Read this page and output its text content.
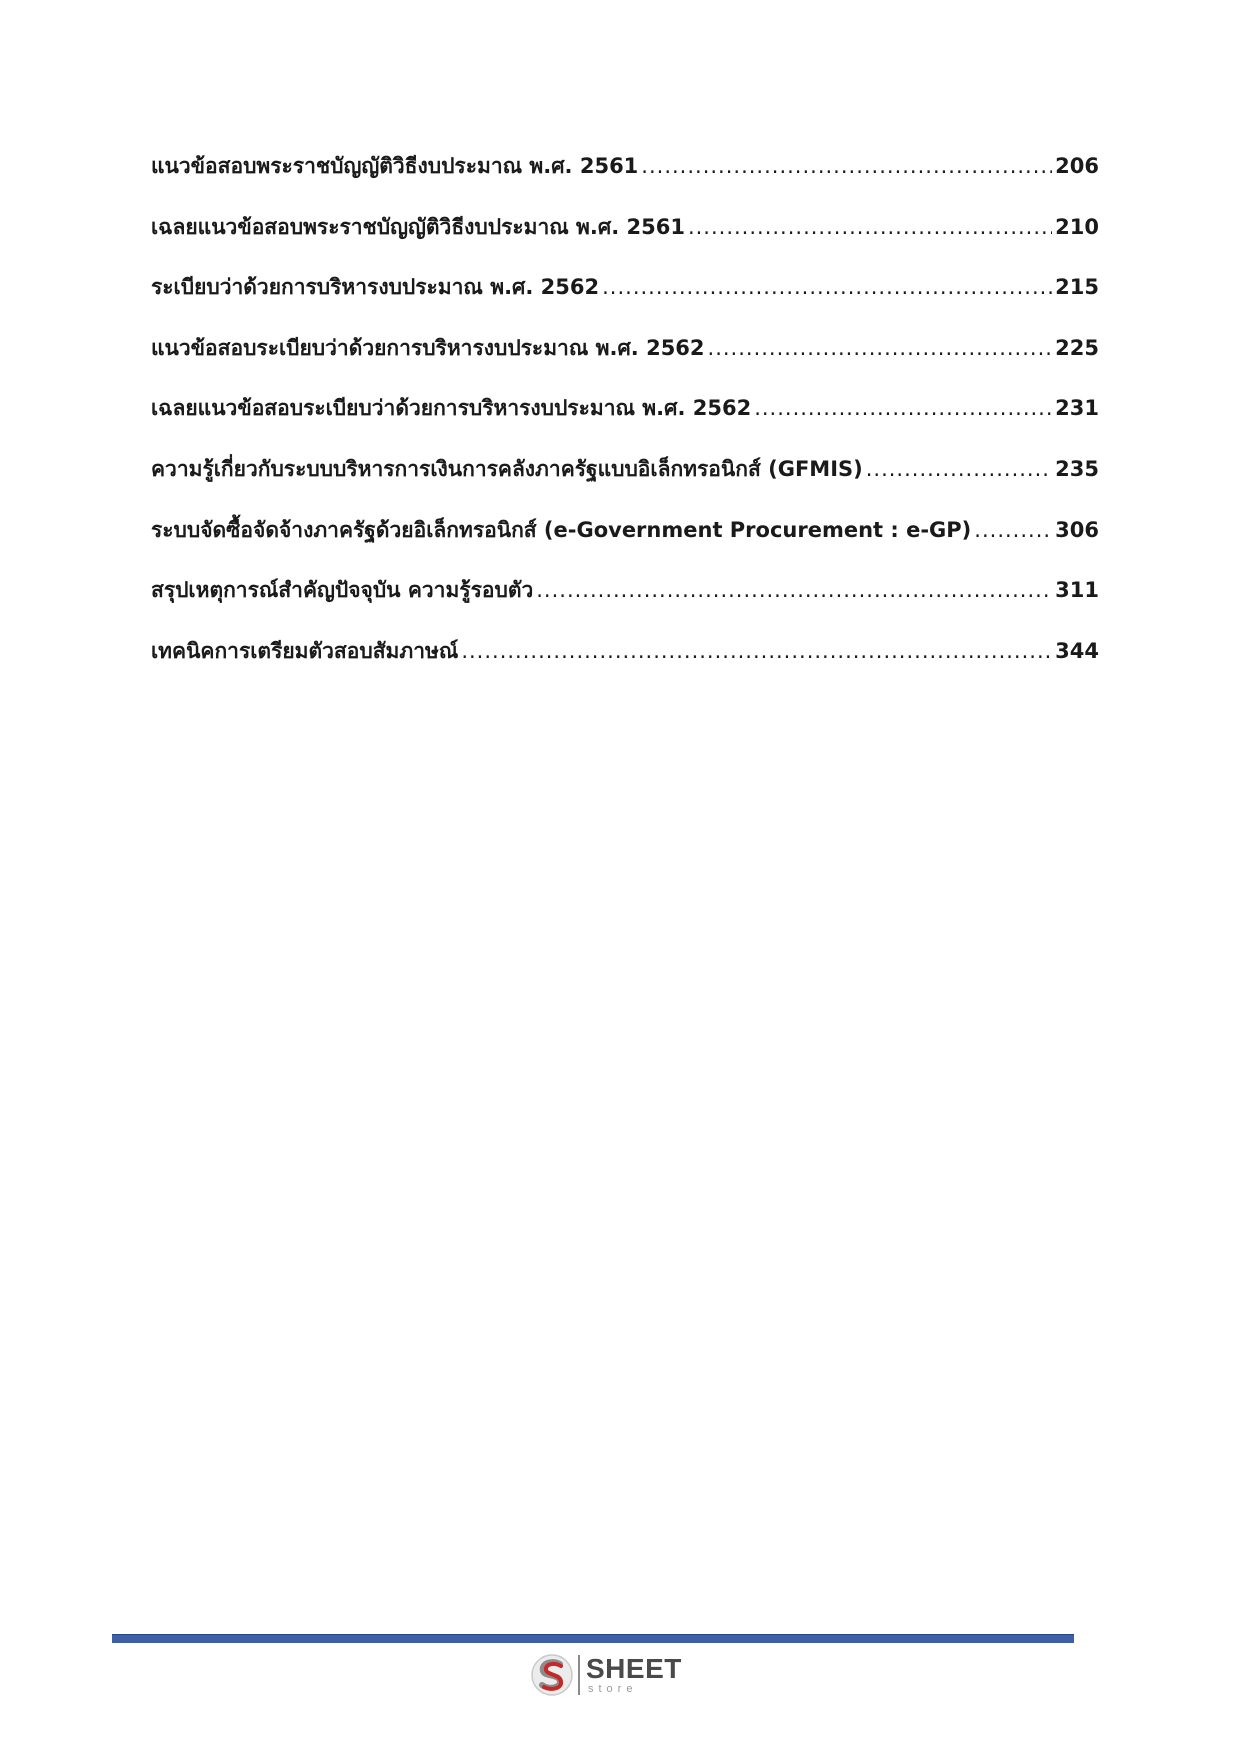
แนวข้อสอบพระราชบัญญัติวิธีงบประมาณ พ.ศ. 2561 .....	206
เฉลยแนวข้อสอบพระราชบัญญัติวิธีงบประมาณ พ.ศ. 2561 .....	210
ระเบียบว่าด้วยการบริหารงบประมาณ พ.ศ. 2562 .....	215
แนวข้อสอบระเบียบว่าด้วยการบริหารงบประมาณ พ.ศ. 2562 .....	225
เฉลยแนวข้อสอบระเบียบว่าด้วยการบริหารงบประมาณ พ.ศ. 2562 .....	231
ความรู้เกี่ยวกับระบบบริหารการเงินการคลังภาครัฐแบบอิเล็กทรอนิกส์ (GFMIS) .....	235
ระบบจัดซื้อจัดจ้างภาครัฐด้วยอิเล็กทรอนิกส์ (e-Government Procurement : e-GP) .....	306
สรุปเหตุการณ์สำคัญปัจจุบัน ความรู้รอบตัว .....	311
เทคนิคการเตรียมตัวสอบสัมภาษณ์ .....	344
SHEET
store
